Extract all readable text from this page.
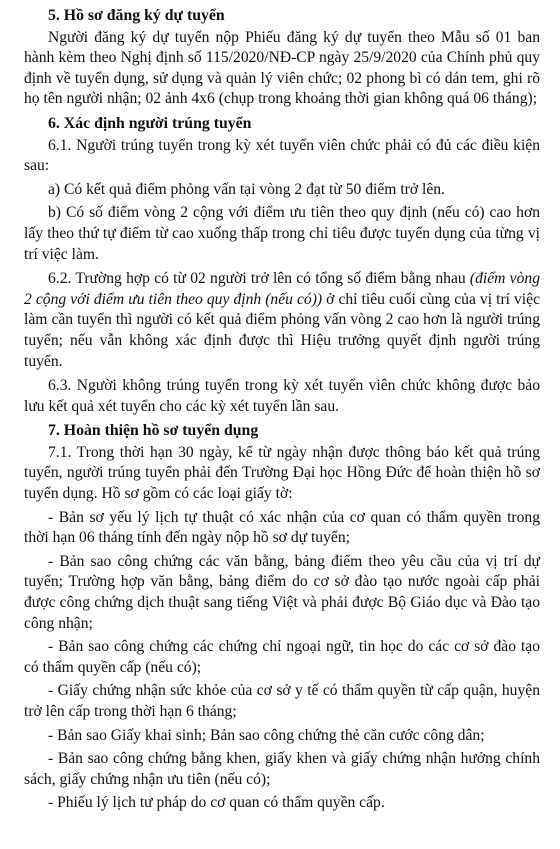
5. Hồ sơ đăng ký dự tuyển

Người đăng ký dự tuyển nộp Phiếu đăng ký dự tuyển theo Mẫu số 01 ban hành kèm theo Nghị định số 115/2020/NĐ-CP ngày 25/9/2020 của Chính phủ quy định về tuyển dụng, sử dụng và quản lý viên chức; 02 phong bì có dán tem, ghi rõ họ tên người nhận; 02 ảnh 4x6 (chụp trong khoảng thời gian không quá 06 tháng);

6. Xác định người trúng tuyển

6.1. Người trúng tuyển trong kỳ xét tuyển viên chức phải có đủ các điều kiện sau:

a) Có kết quả điểm phỏng vấn tại vòng 2 đạt từ 50 điểm trở lên.

b) Có số điểm vòng 2 cộng với điểm ưu tiên theo quy định (nếu có) cao hơn lấy theo thứ tự điểm từ cao xuống thấp trong chỉ tiêu được tuyển dụng của từng vị trí việc làm.

6.2. Trường hợp có từ 02 người trở lên có tổng số điểm bằng nhau (điểm vòng 2 cộng với điểm ưu tiên theo quy định (nếu có)) ở chỉ tiêu cuối cùng của vị trí việc làm cần tuyển thì người có kết quả điểm phỏng vấn vòng 2 cao hơn là người trúng tuyển; nếu vẫn không xác định được thì Hiệu trưởng quyết định người trúng tuyển.

6.3. Người không trúng tuyển trong kỳ xét tuyển viên chức không được bảo lưu kết quả xét tuyển cho các kỳ xét tuyển lần sau.

7. Hoàn thiện hồ sơ tuyển dụng

7.1. Trong thời hạn 30 ngày, kể từ ngày nhận được thông báo kết quả trúng tuyển, người trúng tuyển phải đến Trường Đại học Hồng Đức để hoàn thiện hồ sơ tuyển dụng. Hồ sơ gồm có các loại giấy tờ:

- Bản sơ yếu lý lịch tự thuật có xác nhận của cơ quan có thẩm quyền trong thời hạn 06 tháng tính đến ngày nộp hồ sơ dự tuyển;

- Bản sao công chứng các văn bằng, bảng điểm theo yêu cầu của vị trí dự tuyển; Trường hợp văn bằng, bảng điểm do cơ sở đào tạo nước ngoài cấp phải được công chứng dịch thuật sang tiếng Việt và phải được Bộ Giáo dục và Đào tạo công nhận;

- Bản sao công chứng các chứng chỉ ngoại ngữ, tin học do các cơ sở đào tạo có thẩm quyền cấp (nếu có);

- Giấy chứng nhận sức khỏe của cơ sở y tế có thẩm quyền từ cấp quận, huyện trở lên cấp trong thời hạn 6 tháng;

- Bản sao Giấy khai sinh; Bản sao công chứng thẻ căn cước công dân;

- Bản sao công chứng bằng khen, giấy khen và giấy chứng nhận hưởng chính sách, giấy chứng nhận ưu tiên (nếu có);

- Phiếu lý lịch tư pháp do cơ quan có thẩm quyền cấp.
